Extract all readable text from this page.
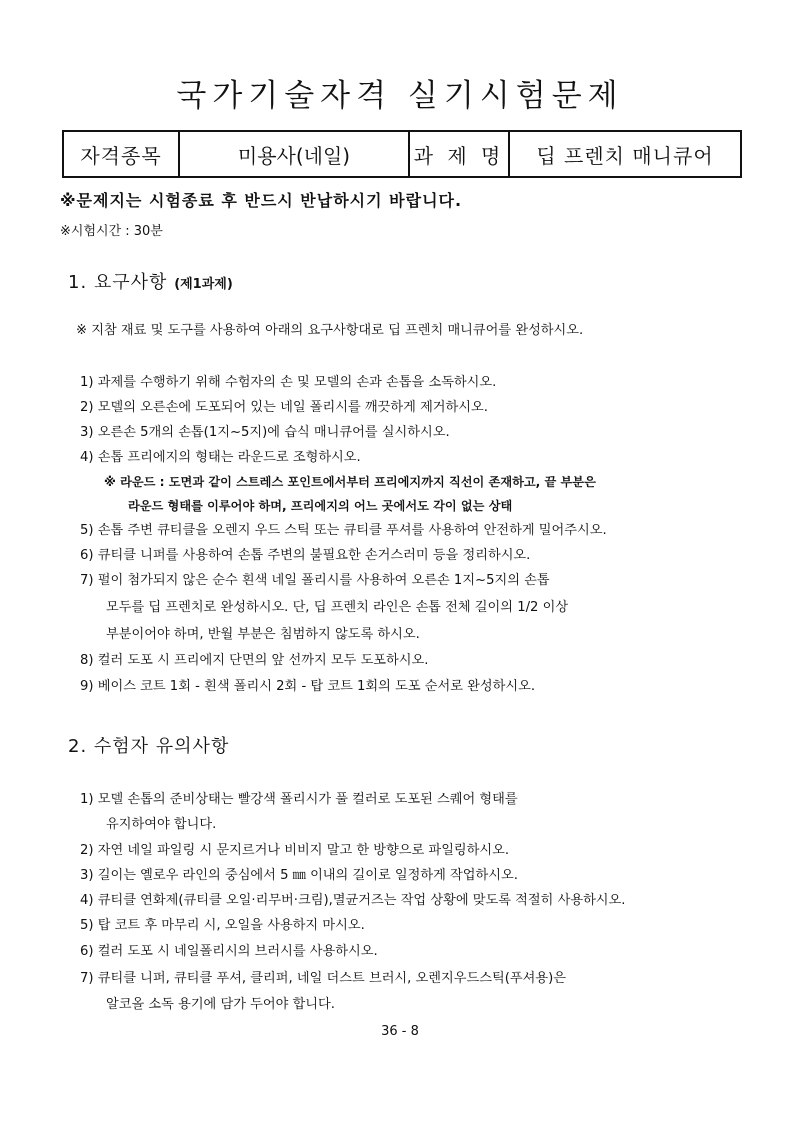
국가기술자격 실기시험문제
자격종목	미용사(네일)	과 제 명	딥 프렌치 매니큐어
※문제지는 시험종료 후 반드시 반납하시기 바랍니다.
※시험시간 : 30분
1. 요구사항 (제1과제)
※ 지참 재료 및 도구를 사용하여 아래의 요구사항대로 딥 프렌치 매니큐어를 완성하시오.
1) 과제를 수행하기 위해 수험자의 손 및 모델의 손과 손톱을 소독하시오.
2) 모델의 오른손에 도포되어 있는 네일 폴리시를 깨끗하게 제거하시오.
3) 오른손 5개의 손톱(1지~5지)에 습식 매니큐어를 실시하시오.
4) 손톱 프리에지의 형태는 라운드로 조형하시오.
※ 라운드 : 도면과 같이 스트레스 포인트에서부터 프리에지까지 직선이 존재하고, 끝 부분은
라운드 형태를 이루어야 하며, 프리에지의 어느 곳에서도 각이 없는 상태
5) 손톱 주변 큐티클을 오렌지 우드 스틱 또는 큐티클 푸셔를 사용하여 안전하게 밀어주시오.
6) 큐티클 니퍼를 사용하여 손톱 주변의 불필요한 손거스러미 등을 정리하시오.
7) 펄이 첨가되지 않은 순수 흰색 네일 폴리시를 사용하여 오른손 1지~5지의 손톱
모두를 딥 프렌치로 완성하시오. 단, 딥 프렌치 라인은 손톱 전체 길이의 1/2 이상
부분이어야 하며, 반월 부분은 침범하지 않도록 하시오.
8) 컬러 도포 시 프리에지 단면의 앞 선까지 모두 도포하시오.
9) 베이스 코트 1회 - 흰색 폴리시 2회 - 탑 코트 1회의 도포 순서로 완성하시오.
2. 수험자 유의사항
1) 모델 손톱의 준비상태는 빨강색 폴리시가 풀 컬러로 도포된 스퀘어 형태를
유지하여야 합니다.
2) 자연 네일 파일링 시 문지르거나 비비지 말고 한 방향으로 파일링하시오.
3) 길이는 옐로우 라인의 중심에서 5 ㎜ 이내의 길이로 일정하게 작업하시오.
4) 큐티클 연화제(큐티클 오일·리무버·크림),멸균거즈는 작업 상황에 맞도록 적절히 사용하시오.
5) 탑 코트 후 마무리 시, 오일을 사용하지 마시오.
6) 컬러 도포 시 네일폴리시의 브러시를 사용하시오.
7) 큐티클 니퍼, 큐티클 푸셔, 클리퍼, 네일 더스트 브러시, 오렌지우드스틱(푸셔용)은
알코올 소독 용기에 담가 두어야 합니다.
36 - 8
